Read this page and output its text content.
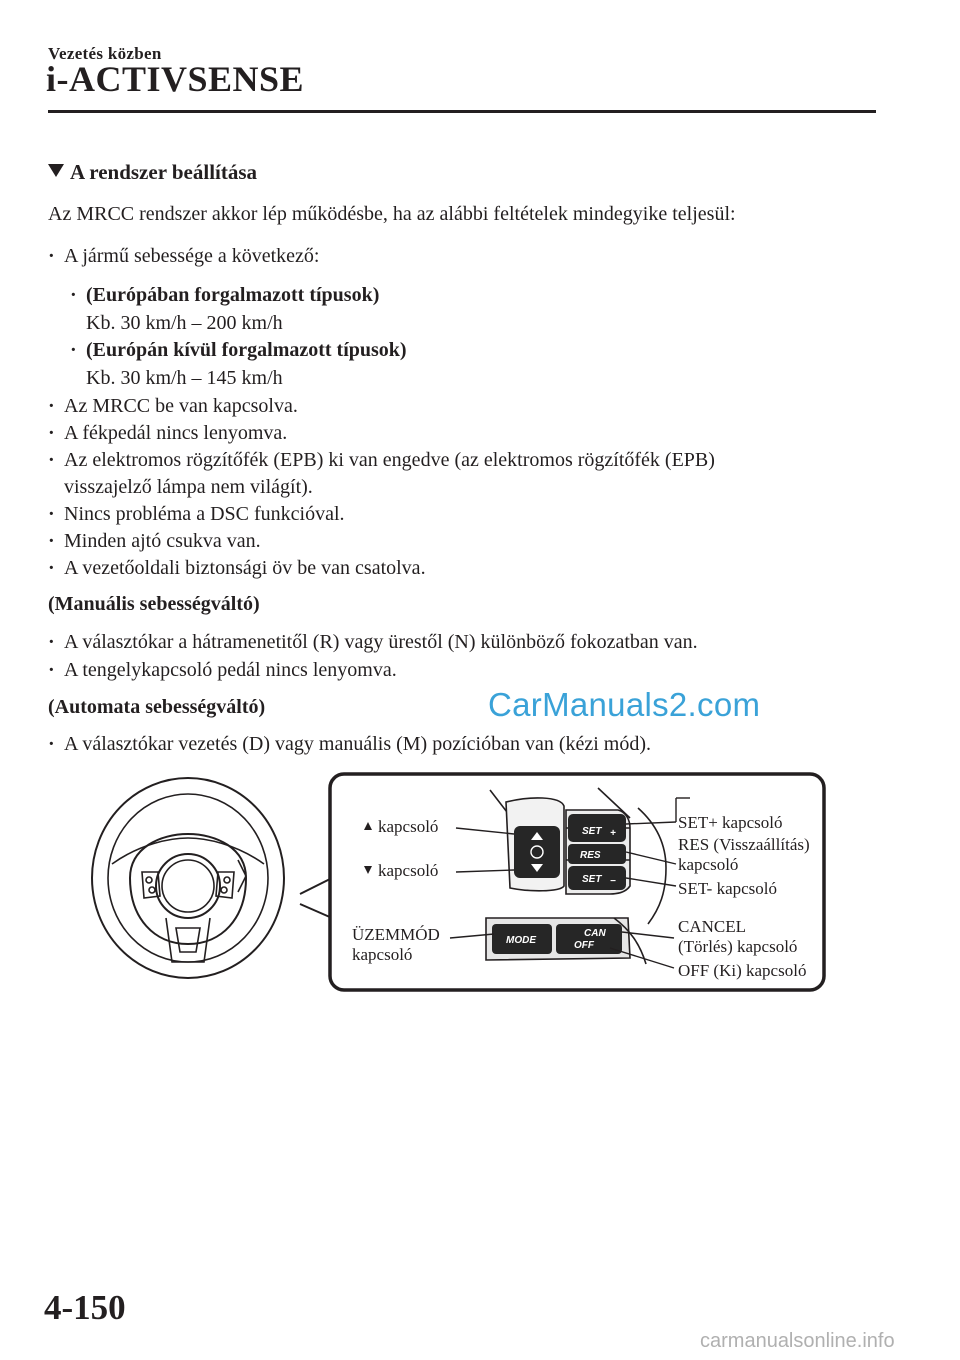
Vezetés közben
i-ACTIVSENSE
A rendszer beállítása
Az MRCC rendszer akkor lép működésbe, ha az alábbi feltételek mindegyike teljesül:
· A jármű sebessége a következő:
· (Európában forgalmazott típusok)
Kb. 30 km/h – 200 km/h
· (Európán kívül forgalmazott típusok)
Kb. 30 km/h – 145 km/h
· Az MRCC be van kapcsolva.
· A fékpedál nincs lenyomva.
· Az elektromos rögzítőfék (EPB) ki van engedve (az elektromos rögzítőfék (EPB)
visszajelző lámpa nem világít).
· Nincs probléma a DSC funkcióval.
· Minden ajtó csukva van.
· A vezetőoldali biztonsági öv be van csatolva.
(Manuális sebességváltó)
· A választókar a hátramenetitől (R) vagy ürestől (N) különböző fokozatban van.
· A tengelykapcsoló pedál nincs lenyomva.
(Automata sebességváltó)	CarManuals2.com
· A választókar vezetés (D) vagy manuális (M) pozícióban van (kézi mód).
SET +
RES
SET −
MODE
CAN
OFF
kapcsoló
kapcsoló
ÜZEMMÓD
kapcsoló
SET+ kapcsoló
RES (Visszaállítás)
kapcsoló
SET- kapcsoló
CANCEL
(Törlés) kapcsoló
OFF (Ki) kapcsoló
4-150
carmanualsonline.info
